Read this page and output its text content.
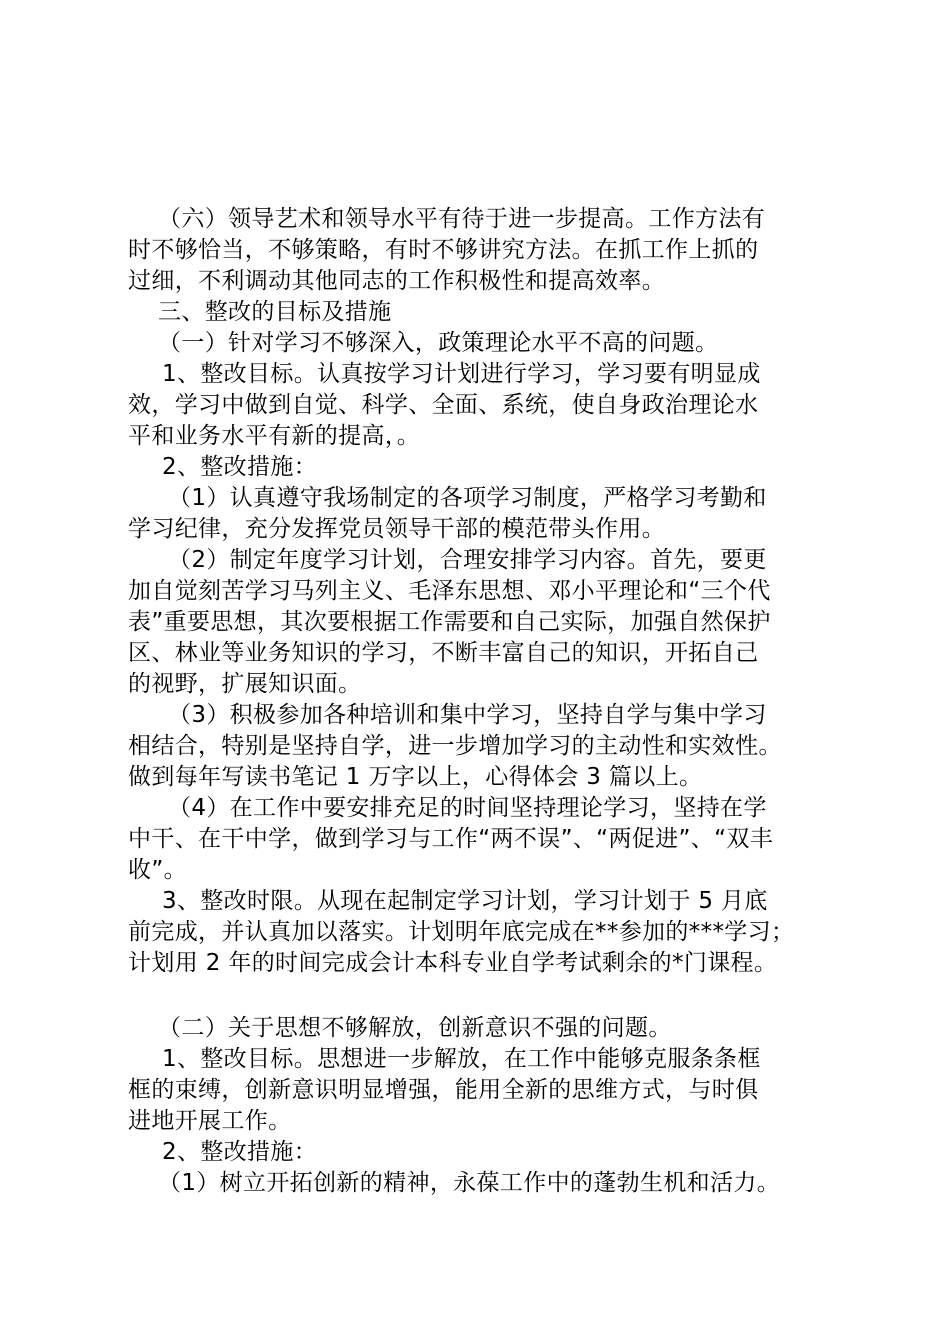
（六）领导艺术和领导水平有待于进一步提高。工作方法有
时不够恰当，不够策略，有时不够讲究方法。在抓工作上抓的
过细，不利调动其他同志的工作积极性和提高效率。
三、整改的目标及措施
（一）针对学习不够深入，政策理论水平不高的问题。
1、整改目标。认真按学习计划进行学习，学习要有明显成
效，学习中做到自觉、科学、全面、系统，使自身政治理论水
平和业务水平有新的提高，。
2、整改措施：
（1）认真遵守我场制定的各项学习制度，严格学习考勤和
学习纪律，充分发挥党员领导干部的模范带头作用。
（2）制定年度学习计划，合理安排学习内容。首先，要更
加自觉刻苦学习马列主义、毛泽东思想、邓小平理论和“三个代
表”重要思想，其次要根据工作需要和自己实际，加强自然保护
区、林业等业务知识的学习，不断丰富自己的知识，开拓自己
的视野，扩展知识面。
（3）积极参加各种培训和集中学习，坚持自学与集中学习
相结合，特别是坚持自学，进一步增加学习的主动性和实效性。
做到每年写读书笔记 1 万字以上，心得体会 3 篇以上。
（4）在工作中要安排充足的时间坚持理论学习，坚持在学
中干、在干中学，做到学习与工作“两不误”、“两促进”、“双丰
收”。
3、整改时限。从现在起制定学习计划，学习计划于 5 月底
前完成，并认真加以落实。计划明年底完成在**参加的***学习；
计划用 2 年的时间完成会计本科专业自学考试剩余的*门课程。
（二）关于思想不够解放，创新意识不强的问题。
1、整改目标。思想进一步解放，在工作中能够克服条条框
框的束缚，创新意识明显增强，能用全新的思维方式，与时俱
进地开展工作。
2、整改措施：
（1）树立开拓创新的精神，永葆工作中的蓬勃生机和活力。
